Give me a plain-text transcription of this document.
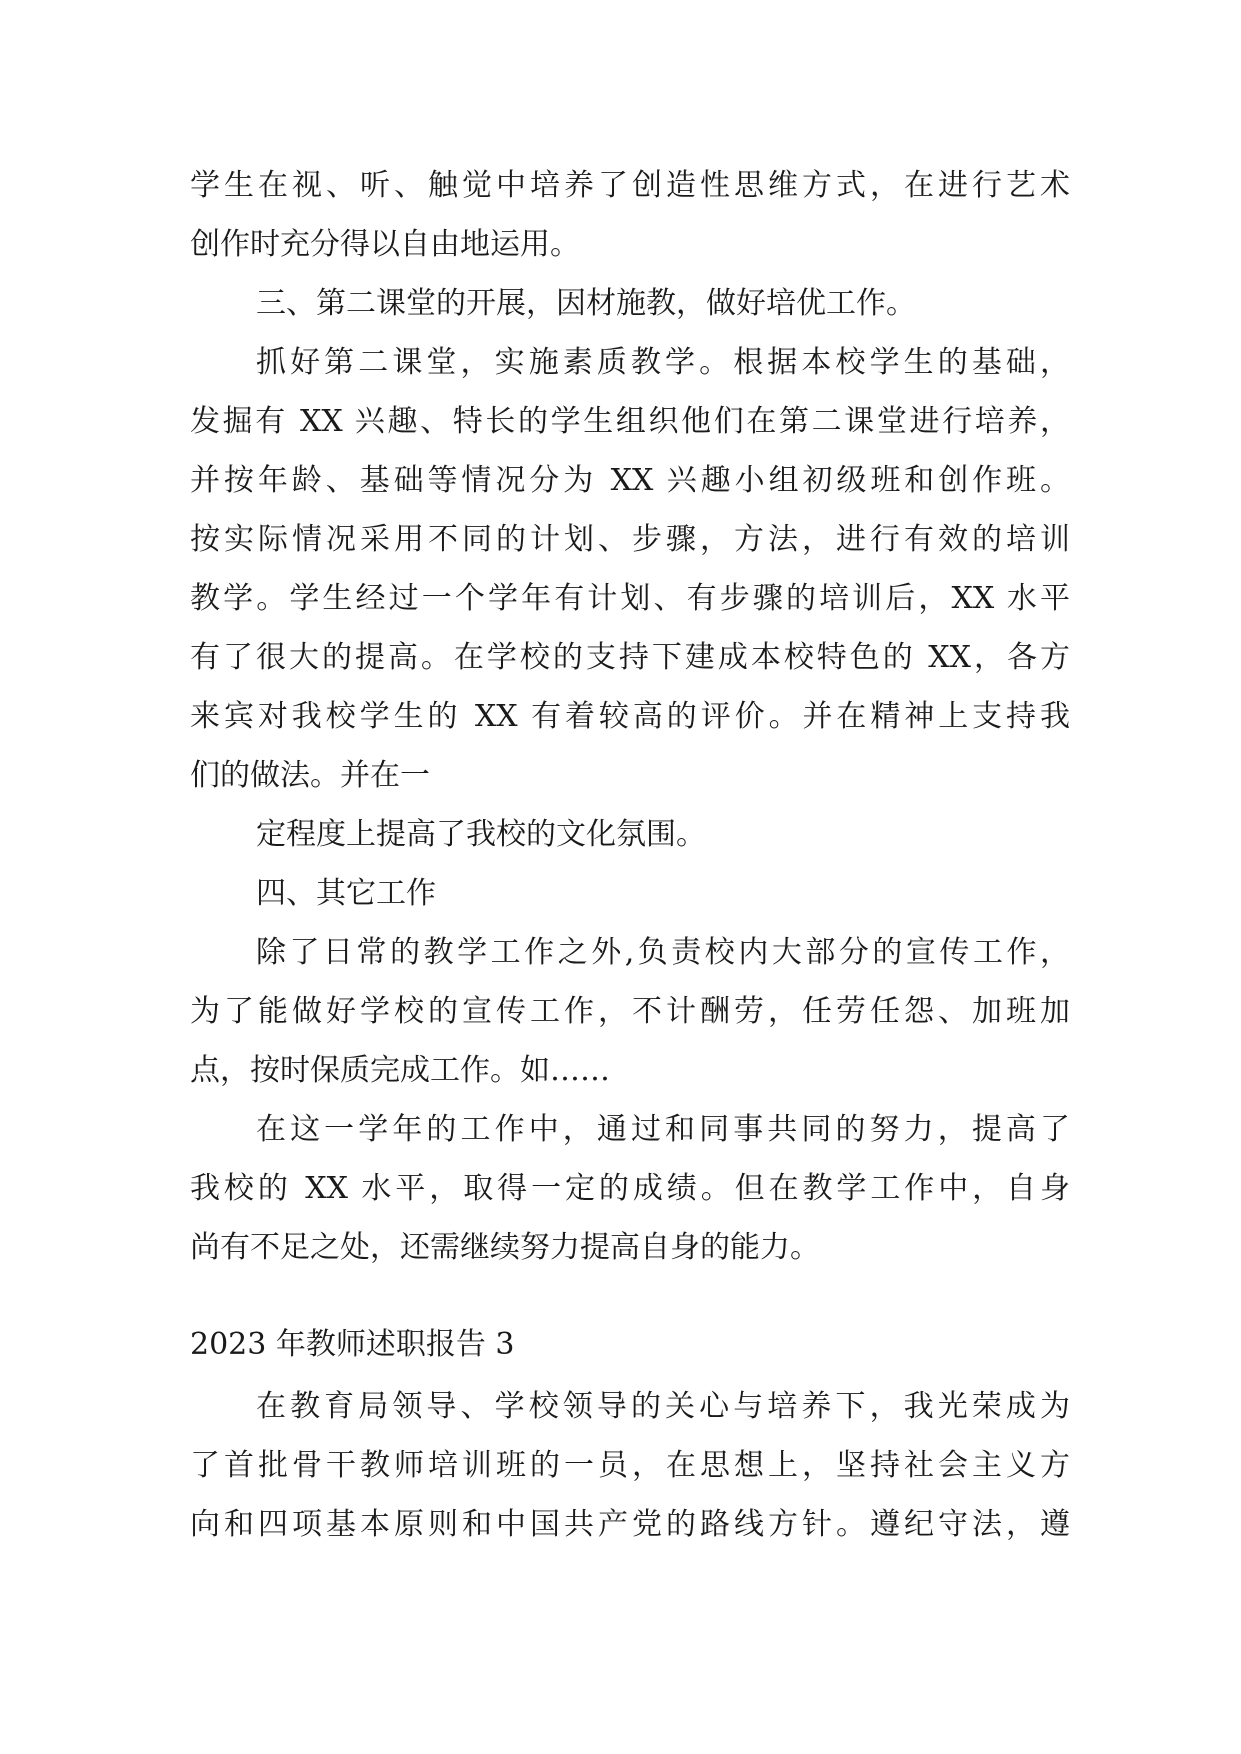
学生在视、听、触觉中培养了创造性思维方式，在进行艺术
创作时充分得以自由地运用。
三、第二课堂的开展，因材施教，做好培优工作。
抓好第二课堂，实施素质教学。根据本校学生的基础，
发掘有 XX 兴趣、特长的学生组织他们在第二课堂进行培养，
并按年龄、基础等情况分为 XX 兴趣小组初级班和创作班。
按实际情况采用不同的计划、步骤，方法，进行有效的培训
教学。学生经过一个学年有计划、有步骤的培训后，XX 水平
有了很大的提高。在学校的支持下建成本校特色的 XX，各方
来宾对我校学生的 XX 有着较高的评价。并在精神上支持我
们的做法。并在一
定程度上提高了我校的文化氛围。
四、其它工作
除了日常的教学工作之外,负责校内大部分的宣传工作，
为了能做好学校的宣传工作，不计酬劳，任劳任怨、加班加
点，按时保质完成工作。如……
在这一学年的工作中，通过和同事共同的努力，提高了
我校的 XX 水平，取得一定的成绩。但在教学工作中，自身
尚有不足之处，还需继续努力提高自身的能力。
2023 年教师述职报告 3
在教育局领导、学校领导的关心与培养下，我光荣成为
了首批骨干教师培训班的一员，在思想上，坚持社会主义方
向和四项基本原则和中国共产党的路线方针。遵纪守法，遵
